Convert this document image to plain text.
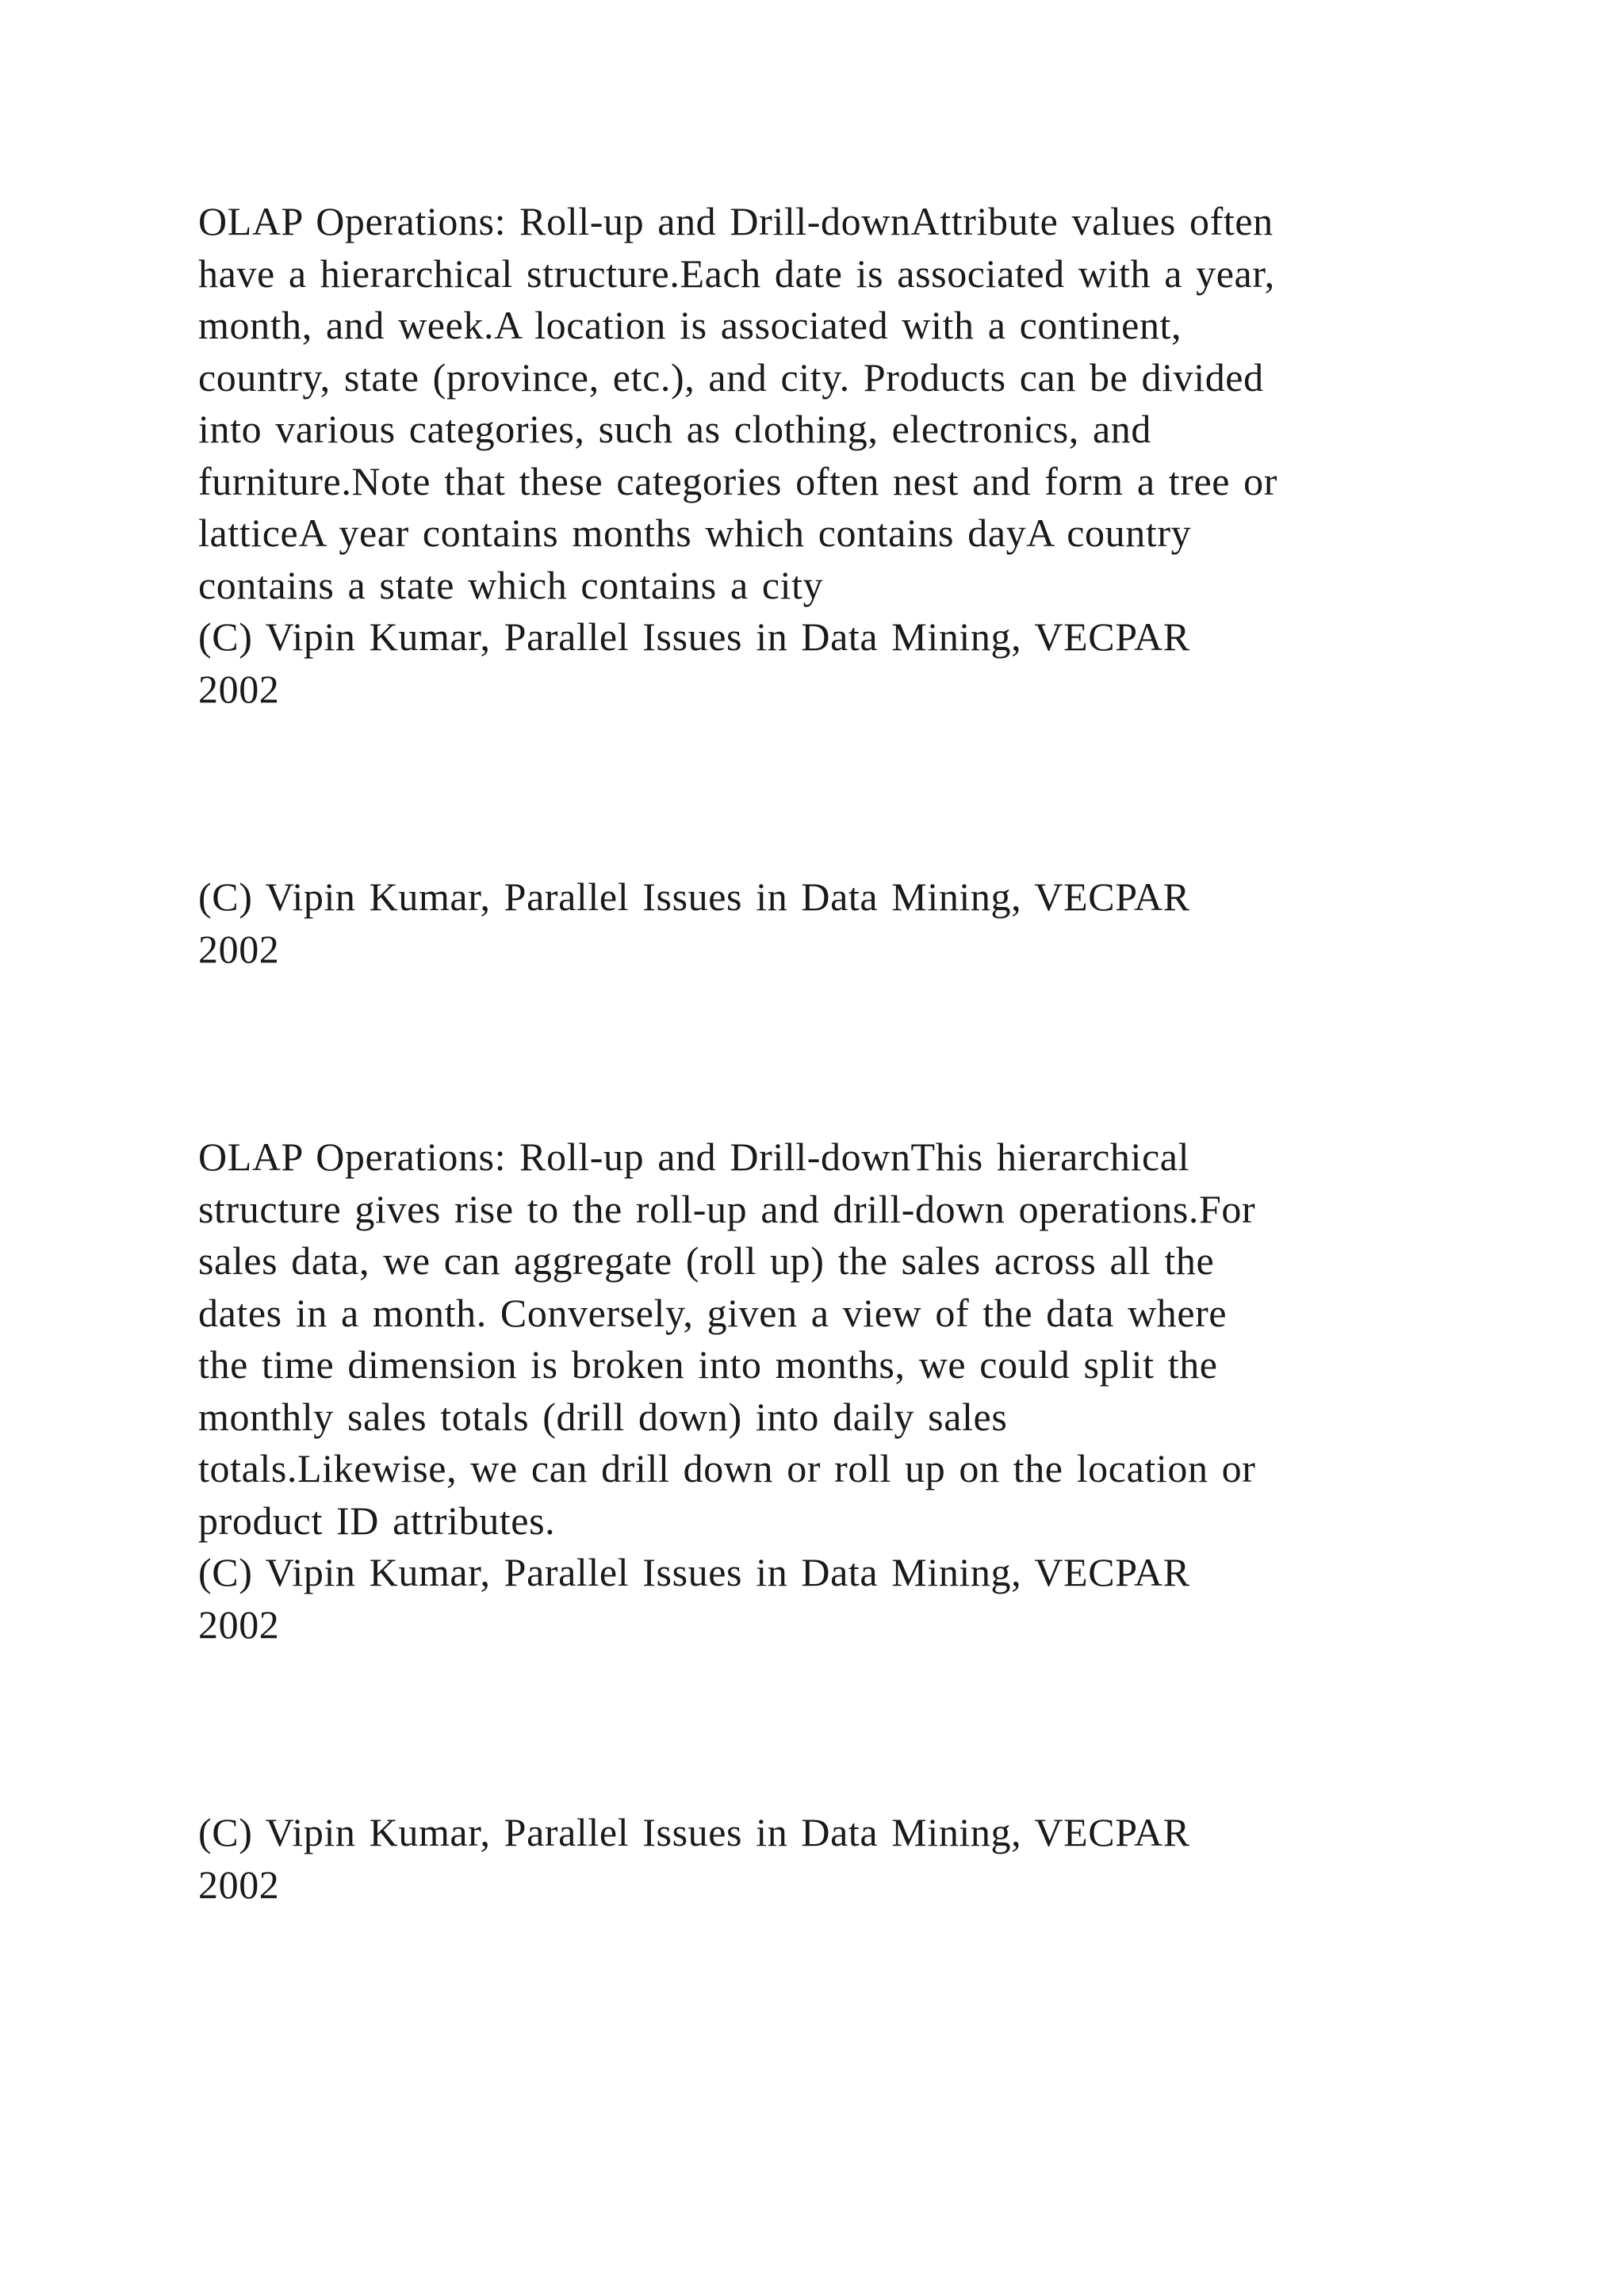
OLAP Operations: Roll-up and Drill-downAttribute values often
have a hierarchical structure.Each date is associated with a year,
month, and week.A location is associated with a continent,
country, state (province, etc.), and city. Products can be divided
into various categories, such as clothing, electronics, and
furniture.Note that these categories often nest and form a tree or
latticeA year contains months which contains dayA country
contains a state which contains a city
(C) Vipin Kumar, Parallel Issues in Data Mining, VECPAR
2002
(C) Vipin Kumar, Parallel Issues in Data Mining, VECPAR
2002
OLAP Operations: Roll-up and Drill-downThis hierarchical
structure gives rise to the roll-up and drill-down operations.For
sales data, we can aggregate (roll up) the sales across all the
dates in a month. Conversely, given a view of the data where
the time dimension is broken into months, we could split the
monthly sales totals (drill down) into daily sales
totals.Likewise, we can drill down or roll up on the location or
product ID attributes.
(C) Vipin Kumar, Parallel Issues in Data Mining, VECPAR
2002
(C) Vipin Kumar, Parallel Issues in Data Mining, VECPAR
2002
